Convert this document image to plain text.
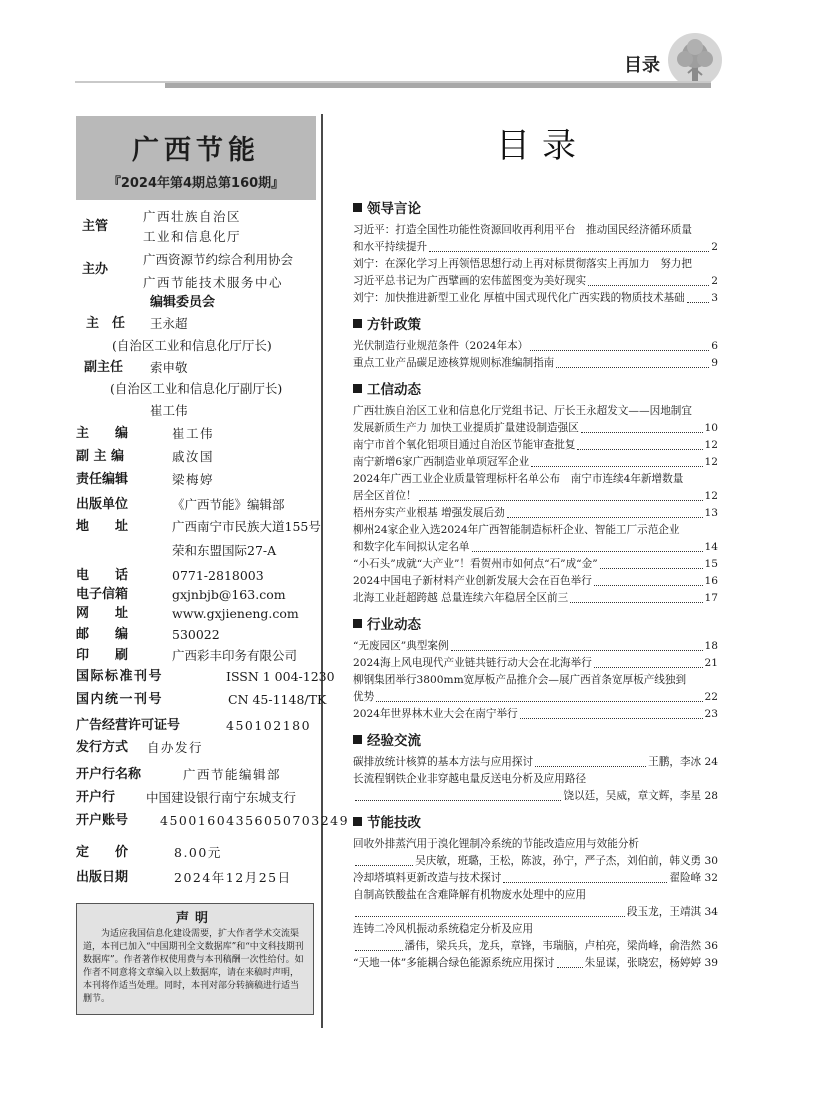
目录
广西节能
『2024年第4期总第160期』
主管
广西壮族自治区
工业和信息化厅
主办
广西资源节约综合利用协会
广西节能技术服务中心
编辑委员会
主　任 王永超
(自治区工业和信息化厅厅长)
副主任 索申敬
(自治区工业和信息化厅副厅长)
崔工伟
主　　编	崔工伟
副 主 编	戚汝国
责任编辑	梁梅婷
出版单位	《广西节能》编辑部
地　　址	广西南宁市民族大道155号
荣和东盟国际27-A
电　　话	0771-2818003
电子信箱	gxjnbjb@163.com
网　　址	www.gxjieneng.com
邮　　编	530022
印　　刷	广西彩丰印务有限公司
国际标准刊号	ISSN 1 004-1230
国内统一刊号	CN 45-1148/TK
广告经营许可证号	450102180
发行方式 自办发行
开户行名称	广西节能编辑部
开户行 中国建设银行南宁东城支行
开户账号	45001604356050703249
定　　价	8.00元
出版日期	2024年12月25日
声明
为适应我国信息化建设需要，扩大作者学术交流渠道，本刊已加入“中国期刊全文数据库”和“中文科技期刊数据库”。作者著作权使用费与本刊稿酬一次性给付。如作者不同意将文章编入以上数据库，请在来稿时声明，本刊将作适当处理。同时，本刊对部分转摘稿进行适当删节。
目录
领导言论
习近平：打造全国性功能性资源回收再利用平台　推动国民经济循环质量
和水平持续提升	2
刘宁：在深化学习上再领悟思想行动上再对标贯彻落实上再加力　努力把
习近平总书记为广西擘画的宏伟蓝图变为美好现实	2
刘宁：加快推进新型工业化 厚植中国式现代化广西实践的物质技术基础 3
方针政策
光伏制造行业规范条件（2024年本）	6
重点工业产品碳足迹核算规则标准编制指南	9
工信动态
广西壮族自治区工业和信息化厅党组书记、厅长王永超发文——因地制宜
发展新质生产力 加快工业提质扩量建设制造强区	10
南宁市首个氧化铝项目通过自治区节能审查批复	12
南宁新增6家广西制造业单项冠军企业	12
2024年广西工业企业质量管理标杆名单公布　南宁市连续4年新增数量
居全区首位！	12
梧州夯实产业根基 增强发展后劲	13
柳州24家企业入选2024年广西智能制造标杆企业、智能工厂示范企业
和数字化车间拟认定名单	14
“小石头”成就“大产业”！看贺州市如何点“石”成“金”	15
2024中国电子新材料产业创新发展大会在百色举行	16
北海工业赶超跨越 总量连续六年稳居全区前三	17
行业动态
“无废园区”典型案例	18
2024海上风电现代产业链共链行动大会在北海举行	21
柳钢集团举行3800mm宽厚板产品推介会—展广西首条宽厚板产线独到
优势	22
2024年世界林木业大会在南宁举行	23
经验交流
碳排放统计核算的基本方法与应用探讨	王鹏，李冰 24
长流程钢铁企业非穿越电量反送电分析及应用路径
饶以廷，吴威，章文辉，李星 28
节能技改
回收外排蒸汽用于溴化锂制冷系统的节能改造应用与效能分析
吴庆敏，班璐，王松，陈波，孙宁，严子杰，刘伯前，韩义勇 30
冷却塔填料更新改造与技术探讨	翟险峰 32
自制高铁酸盐在含难降解有机物废水处理中的应用
段玉龙，王靖淇 34
连铸二冷风机振动系统稳定分析及应用
潘伟，梁兵兵，龙兵，章锋，韦瑞脑，卢柏亮，梁尚峰，俞浩然 36
“天地一体”多能耦合绿色能源系统应用探讨	朱显谋，张晓宏，杨婷婷 39
